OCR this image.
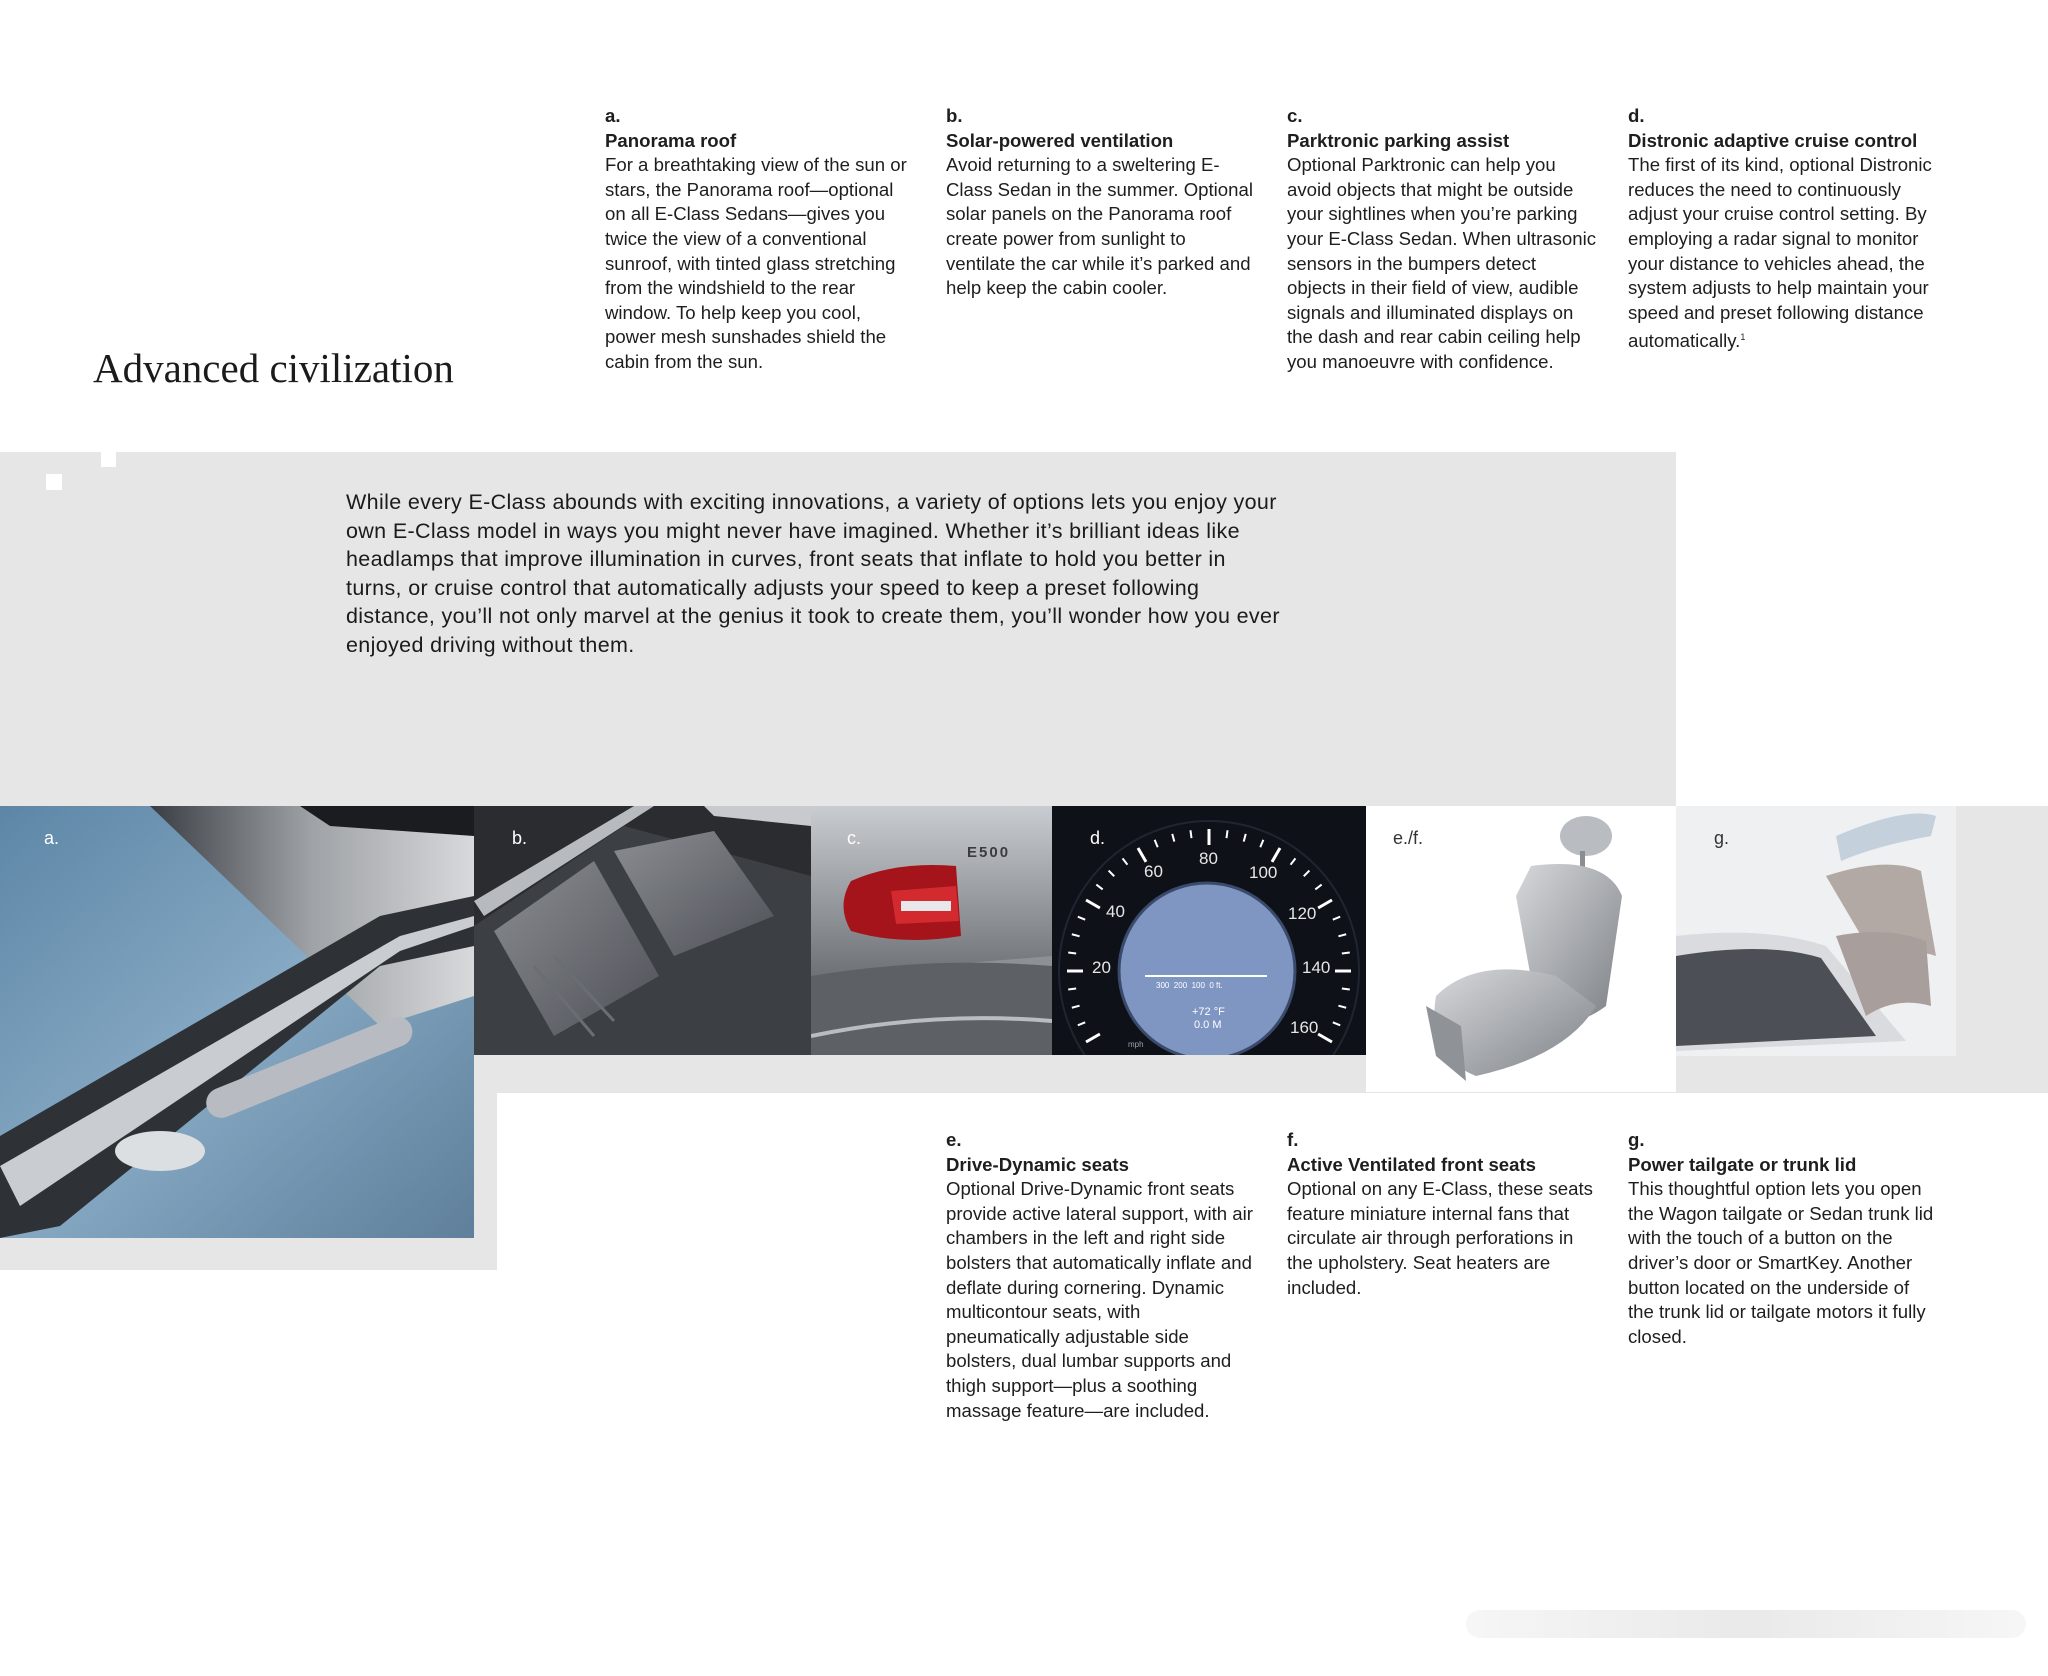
Advanced civilization
a.
Panorama roof
For a breathtaking view of the sun or stars, the Panorama roof—optional on all E-Class Sedans—gives you twice the view of a conventional sunroof, with tinted glass stretching from the windshield to the rear window. To help keep you cool, power mesh sunshades shield the cabin from the sun.
b.
Solar-powered ventilation
Avoid returning to a sweltering E-Class Sedan in the summer. Optional solar panels on the Panorama roof create power from sunlight to ventilate the car while it’s parked and help keep the cabin cooler.
c.
Parktronic parking assist
Optional Parktronic can help you avoid objects that might be outside your sightlines when you’re parking your E-Class Sedan. When ultrasonic sensors in the bumpers detect objects in their field of view, audible signals and illuminated displays on the dash and rear cabin ceiling help you manoeuvre with confidence.
d.
Distronic adaptive cruise control
The first of its kind, optional Distronic reduces the need to continuously adjust your cruise control setting. By employing a radar signal to monitor your distance to vehicles ahead, the system adjusts to help maintain your speed and preset following distance automatically.$^1$
While every E-Class abounds with exciting innovations, a variety of options lets you enjoy your own E-Class model in ways you might never have imagined. Whether it’s brilliant ideas like headlamps that improve illumination in curves, front seats that inflate to hold you better in turns, or cruise control that automatically adjusts your speed to keep a preset following distance, you’ll not only marvel at the genius it took to create them, you’ll wonder how you ever enjoyed driving without them.
a.	b.
E500
c.
20
40
60
80
100
120
140
160
300  200  100  0 ft.
+72 °F
0.0 M
mph
d.	e./f.	g.
e.
Drive-Dynamic seats
Optional Drive-Dynamic front seats provide active lateral support, with air chambers in the left and right side bolsters that automatically inflate and deflate during cornering. Dynamic multicontour seats, with pneumatically adjustable side bolsters, dual lumbar supports and thigh support—plus a soothing massage feature—are included.
f.
Active Ventilated front seats
Optional on any E-Class, these seats feature miniature internal fans that circulate air through perforations in the upholstery. Seat heaters are included.
g.
Power tailgate or trunk lid
This thoughtful option lets you open the Wagon tailgate or Sedan trunk lid with the touch of a button on the driver’s door or SmartKey. Another button located on the underside of the trunk lid or tailgate motors it fully closed.
